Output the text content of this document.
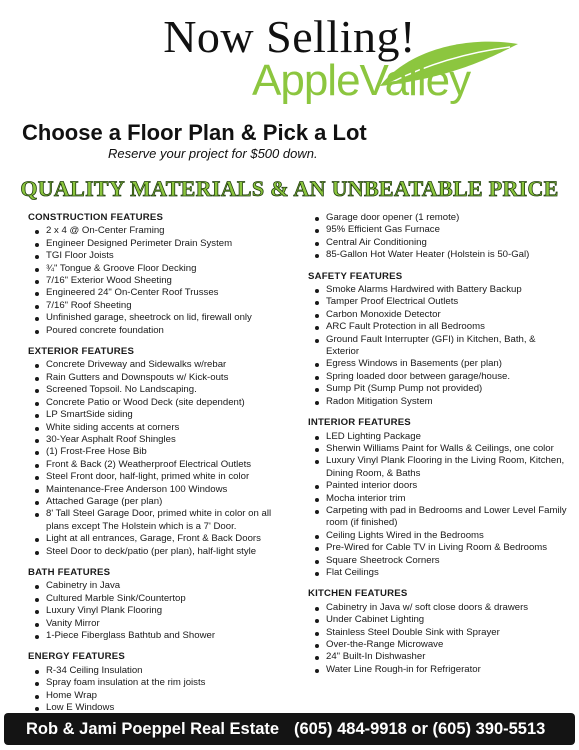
Now Selling!
AppleValley
Choose a Floor Plan & Pick a Lot
Reserve your project for $500 down.
QUALITY MATERIALS & AN UNBEATABLE PRICE
CONSTRUCTION FEATURES
2 x 4 @ On-Center Framing
Engineer Designed Perimeter Drain System
TGI Floor Joists
¾" Tongue & Groove Floor Decking
7/16" Exterior Wood Sheeting
Engineered 24" On-Center Roof Trusses
7/16" Roof Sheeting
Unfinished garage, sheetrock on lid, firewall only
Poured concrete foundation
EXTERIOR FEATURES
Concrete Driveway and Sidewalks w/rebar
Rain Gutters and Downspouts w/ Kick-outs
Screened Topsoil. No Landscaping.
Concrete Patio or Wood Deck (site dependent)
LP SmartSide siding
White siding accents at corners
30-Year Asphalt Roof Shingles
(1) Frost-Free Hose Bib
Front & Back (2) Weatherproof Electrical Outlets
Steel Front door, half-light, primed white in color
Maintenance-Free Anderson 100 Windows
Attached Garage (per plan)
8' Tall Steel Garage Door, primed white in color on all plans except The Holstein which is a 7' Door.
Light at all entrances, Garage, Front & Back Doors
Steel Door to deck/patio (per plan), half-light style
BATH FEATURES
Cabinetry in Java
Cultured Marble Sink/Countertop
Luxury Vinyl Plank Flooring
Vanity Mirror
1-Piece Fiberglass Bathtub and Shower
ENERGY FEATURES
R-34 Ceiling Insulation
Spray foam insulation at the rim joists
Home Wrap
Low E Windows
Garage door opener (1 remote)
95% Efficient Gas Furnace
Central Air Conditioning
85-Gallon Hot Water Heater (Holstein is 50-Gal)
SAFETY FEATURES
Smoke Alarms Hardwired with Battery Backup
Tamper Proof Electrical Outlets
Carbon Monoxide Detector
ARC Fault Protection in all Bedrooms
Ground Fault Interrupter (GFI) in Kitchen, Bath, & Exterior
Egress Windows in Basements (per plan)
Spring loaded door between garage/house.
Sump Pit (Sump Pump not provided)
Radon Mitigation System
INTERIOR FEATURES
LED Lighting Package
Sherwin Williams Paint for Walls & Ceilings, one color
Luxury Vinyl Plank Flooring in the Living Room, Kitchen, Dining Room, & Baths
Painted interior doors
Mocha interior trim
Carpeting with pad in Bedrooms and Lower Level Family room (if finished)
Ceiling Lights Wired in the Bedrooms
Pre-Wired for Cable TV in Living Room & Bedrooms
Square Sheetrock Corners
Flat Ceilings
KITCHEN FEATURES
Cabinetry in Java w/ soft close doors & drawers
Under Cabinet Lighting
Stainless Steel Double Sink with Sprayer
Over-the-Range Microwave
24" Built-In Dishwasher
Water Line Rough-in for Refrigerator
Rob & Jami Poeppel Real Estate (605) 484-9918 or (605) 390-5513
